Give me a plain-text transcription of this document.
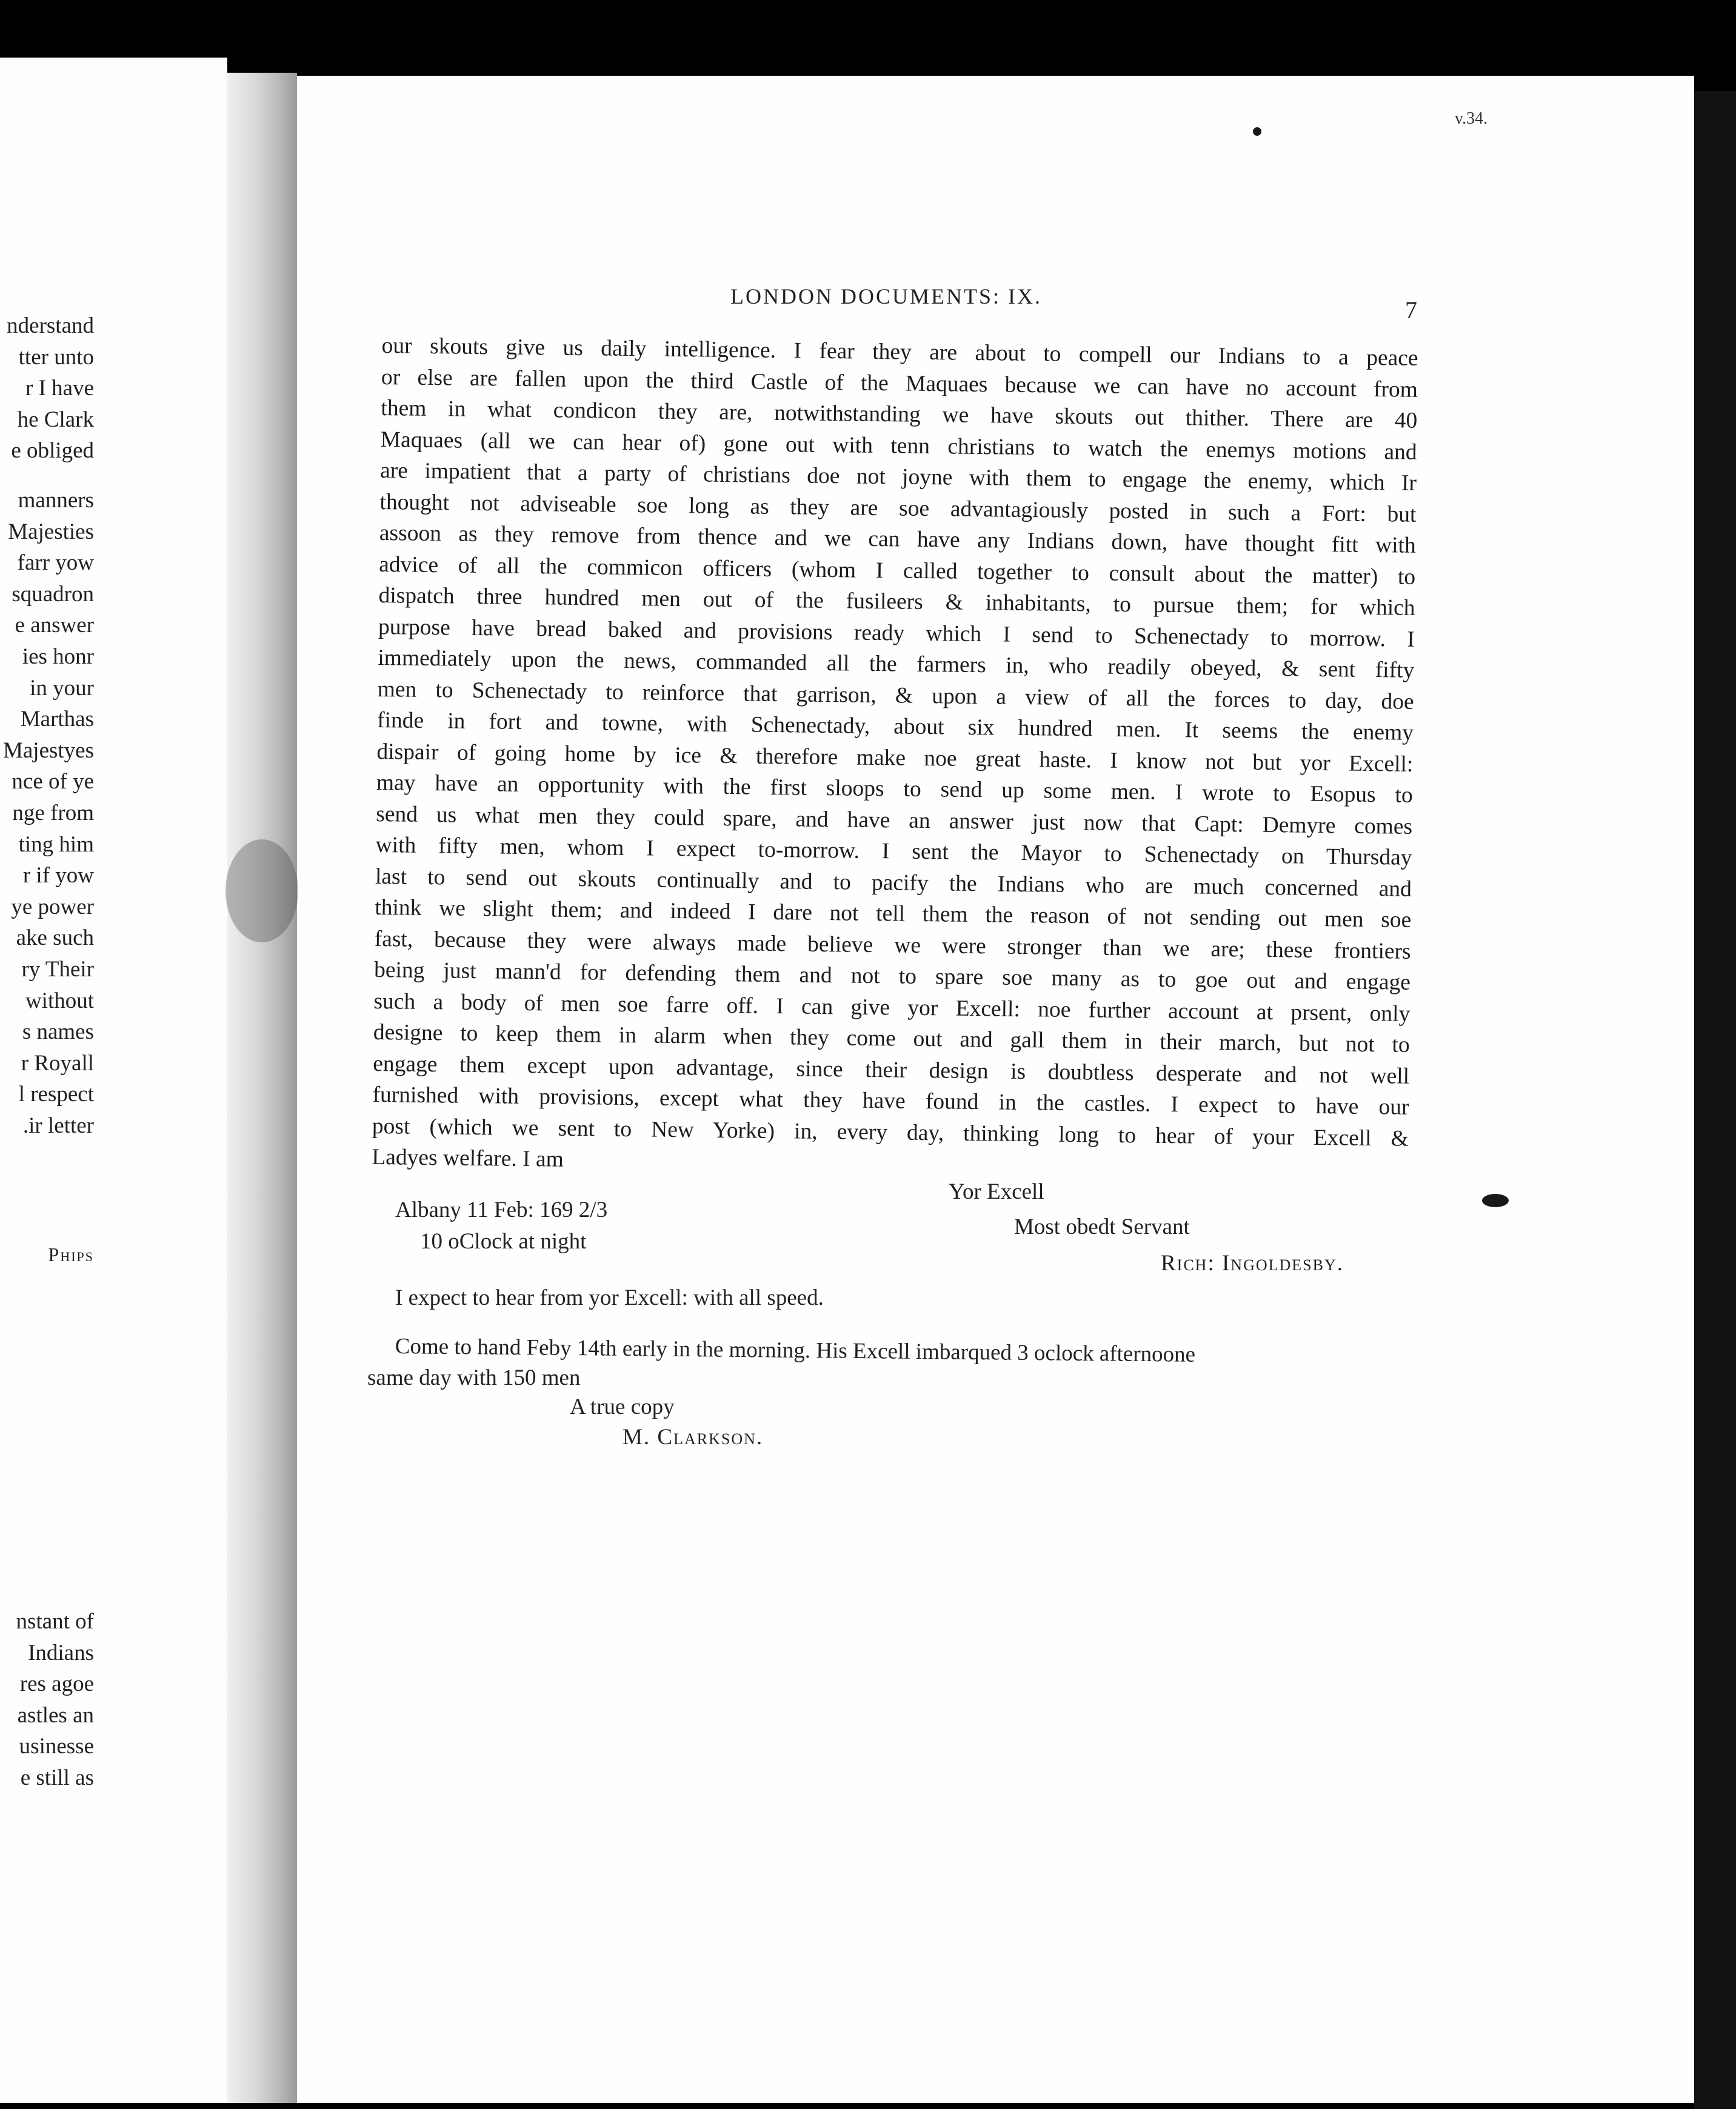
nderstand
tter unto
r I have
he Clark
e obliged
manners
Majesties
farr yow
squadron
e answer
ies honr
in your
Marthas
Majestyes
nce of ye
nge from
ting him
r if yow
ye power
ake such
ry Their
without
s names
r Royall
l respect
ir letter.
Phips
nstant of
Indians
res agoe
astles an
usinesse
e still as
v.34.
LONDON DOCUMENTS: IX.	7
our skouts give us daily intelligence. I fear they are about to compell our Indians to a peace
or else are fallen upon the third Castle of the Maquaes because we can have no account from
them in what condicon they are, notwithstanding we have skouts out thither. There are 40
Maquaes (all we can hear of) gone out with tenn christians to watch the enemys motions and
are impatient that a party of christians doe not joyne with them to engage the enemy, which Ir
thought not adviseable soe long as they are soe advantagiously posted in such a Fort: but
assoon as they remove from thence and we can have any Indians down, have thought fitt with
advice of all the commicon officers (whom I called together to consult about the matter) to
dispatch three hundred men out of the fusileers & inhabitants, to pursue them; for which
purpose have bread baked and provisions ready which I send to Schenectady to morrow. I
immediately upon the news, commanded all the farmers in, who readily obeyed, & sent fifty
men to Schenectady to reinforce that garrison, & upon a view of all the forces to day, doe
finde in fort and towne, with Schenectady, about six hundred men. It seems the enemy
dispair of going home by ice & therefore make noe great haste. I know not but yor Excell:
may have an opportunity with the first sloops to send up some men. I wrote to Esopus to
send us what men they could spare, and have an answer just now that Capt: Demyre comes
with fifty men, whom I expect to-morrow. I sent the Mayor to Schenectady on Thursday
last to send out skouts continually and to pacify the Indians who are much concerned and
think we slight them; and indeed I dare not tell them the reason of not sending out men soe
fast, because they were always made believe we were stronger than we are; these frontiers
being just mann'd for defending them and not to spare soe many as to goe out and engage
such a body of men soe farre off. I can give yor Excell: noe further account at prsent, only
designe to keep them in alarm when they come out and gall them in their march, but not to
engage them except upon advantage, since their design is doubtless desperate and not well
furnished with provisions, except what they have found in the castles. I expect to have our
post (which we sent to New Yorke) in, every day, thinking long to hear of your Excell &
Ladyes welfare. I am
Yor Excell
Albany 11 Feb: 169 2/3
Most obedt Servant
10 oClock at night
Rich: Ingoldesby.
I expect to hear from yor Excell: with all speed.
Come to hand Feby 14th early in the morning. His Excell imbarqued 3 oclock afternoone
same day with 150 men
A true copy
M. Clarkson.
